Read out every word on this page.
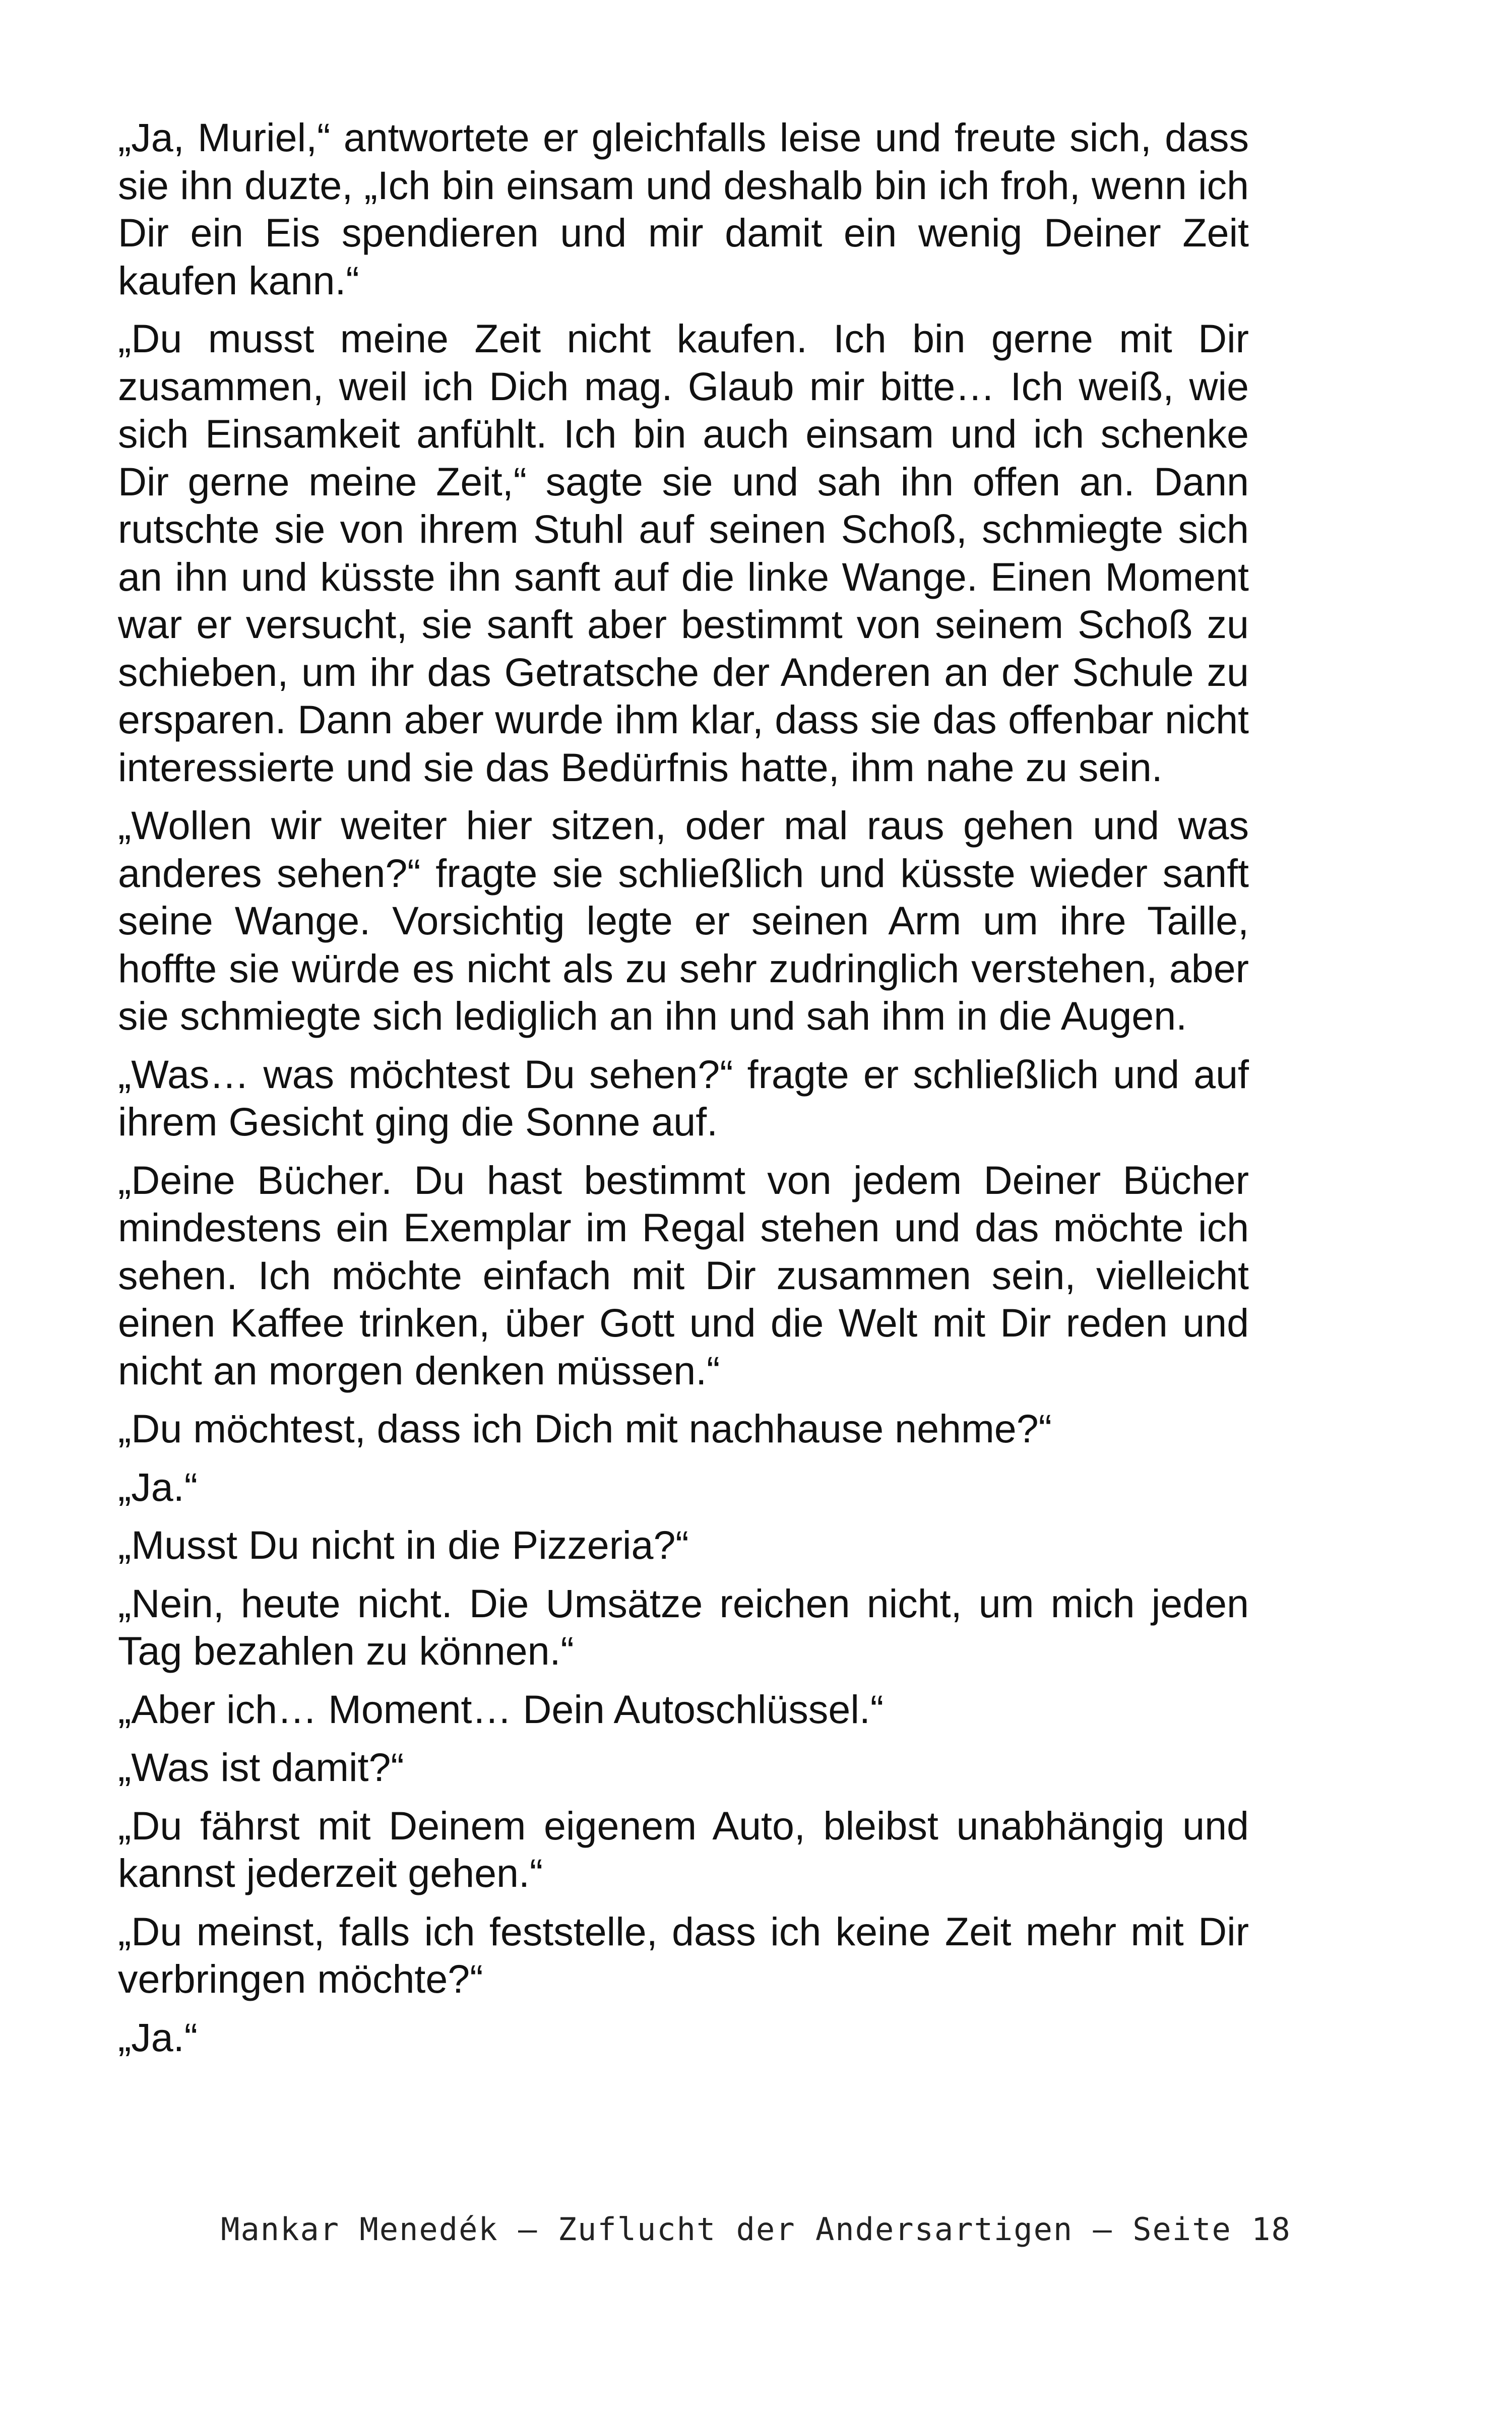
„Ja, Muriel,“ antwortete er gleichfalls leise und freute sich, dass sie ihn duzte, „Ich bin einsam und deshalb bin ich froh, wenn ich Dir ein Eis spendieren und mir damit ein wenig Deiner Zeit kaufen kann.“

„Du musst meine Zeit nicht kaufen. Ich bin gerne mit Dir zusammen, weil ich Dich mag. Glaub mir bitte… Ich weiß, wie sich Einsamkeit anfühlt. Ich bin auch einsam und ich schenke Dir gerne meine Zeit,“ sagte sie und sah ihn offen an. Dann rutschte sie von ihrem Stuhl auf seinen Schoß, schmiegte sich an ihn und küsste ihn sanft auf die linke Wange. Einen Moment war er versucht, sie sanft aber bestimmt von seinem Schoß zu schieben, um ihr das Getratsche der Anderen an der Schule zu ersparen. Dann aber wurde ihm klar, dass sie das offenbar nicht interessierte und sie das Bedürfnis hatte, ihm nahe zu sein.

„Wollen wir weiter hier sitzen, oder mal raus gehen und was anderes sehen?“ fragte sie schließlich und küsste wieder sanft seine Wange. Vorsichtig legte er seinen Arm um ihre Taille, hoffte sie würde es nicht als zu sehr zudringlich verstehen, aber sie schmiegte sich lediglich an ihn und sah ihm in die Augen.

„Was… was möchtest Du sehen?“ fragte er schließlich und auf ihrem Gesicht ging die Sonne auf.

„Deine Bücher. Du hast bestimmt von jedem Deiner Bücher mindestens ein Exemplar im Regal stehen und das möchte ich sehen. Ich möchte einfach mit Dir zusammen sein, vielleicht einen Kaffee trinken, über Gott und die Welt mit Dir reden und nicht an morgen denken müssen.“

„Du möchtest, dass ich Dich mit nachhause nehme?“

„Ja.“

„Musst Du nicht in die Pizzeria?“

„Nein, heute nicht. Die Umsätze reichen nicht, um mich jeden Tag bezahlen zu können.“

„Aber ich… Moment… Dein Autoschlüssel.“

„Was ist damit?“

„Du fährst mit Deinem eigenem Auto, bleibst unabhängig und kannst jederzeit gehen.“

„Du meinst, falls ich feststelle, dass ich keine Zeit mehr mit Dir verbringen möchte?“

„Ja.“

Mankar Menedék – Zuflucht der Andersartigen – Seite 18
